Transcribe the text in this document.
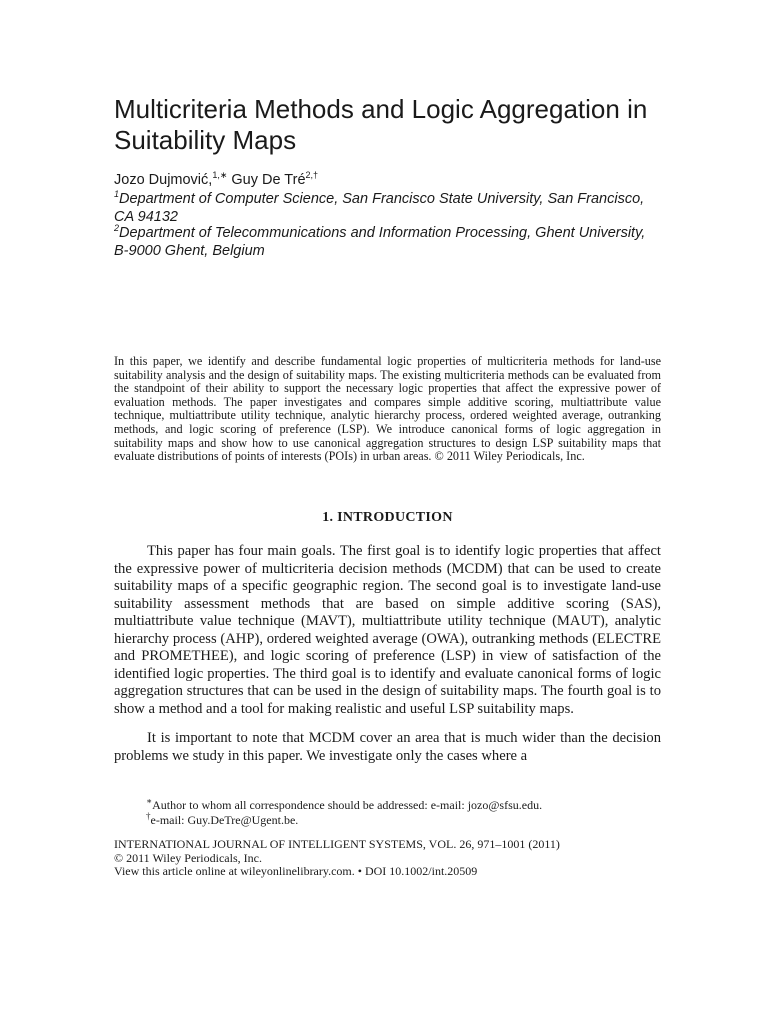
Multicriteria Methods and Logic Aggregation in Suitability Maps
Jozo Dujmović,$^{1,∗}$ Guy De Tré$^{2,\dagger}$
$^1$Department of Computer Science, San Francisco State University, San Francisco, CA 94132
$^2$Department of Telecommunications and Information Processing, Ghent University, B-9000 Ghent, Belgium

In this paper, we identify and describe fundamental logic properties of multicriteria methods for land-use suitability analysis and the design of suitability maps. The existing multicriteria methods can be evaluated from the standpoint of their ability to support the necessary logic properties that affect the expressive power of evaluation methods. The paper investigates and compares simple additive scoring, multiattribute value technique, multiattribute utility technique, analytic hierarchy process, ordered weighted average, outranking methods, and logic scoring of preference (LSP). We introduce canonical forms of logic aggregation in suitability maps and show how to use canonical aggregation structures to design LSP suitability maps that evaluate distributions of points of interests (POIs) in urban areas. © 2011 Wiley Periodicals, Inc.

1. INTRODUCTION

This paper has four main goals. The first goal is to identify logic properties that affect the expressive power of multicriteria decision methods (MCDM) that can be used to create suitability maps of a specific geographic region. The second goal is to investigate land-use suitability assessment methods that are based on simple additive scoring (SAS), multiattribute value technique (MAVT), multiattribute utility technique (MAUT), analytic hierarchy process (AHP), ordered weighted average (OWA), outranking methods (ELECTRE and PROMETHEE), and logic scoring of preference (LSP) in view of satisfaction of the identified logic properties. The third goal is to identify and evaluate canonical forms of logic aggregation structures that can be used in the design of suitability maps. The fourth goal is to show a method and a tool for making realistic and useful LSP suitability maps.

It is important to note that MCDM cover an area that is much wider than the decision problems we study in this paper. We investigate only the cases where a

∗Author to whom all correspondence should be addressed: e-mail: jozo@sfsu.edu.
†e-mail: Guy.DeTre@Ugent.be.
INTERNATIONAL JOURNAL OF INTELLIGENT SYSTEMS, VOL. 26, 971–1001 (2011)
© 2011 Wiley Periodicals, Inc.
View this article online at wileyonlinelibrary.com. • DOI 10.1002/int.20509
